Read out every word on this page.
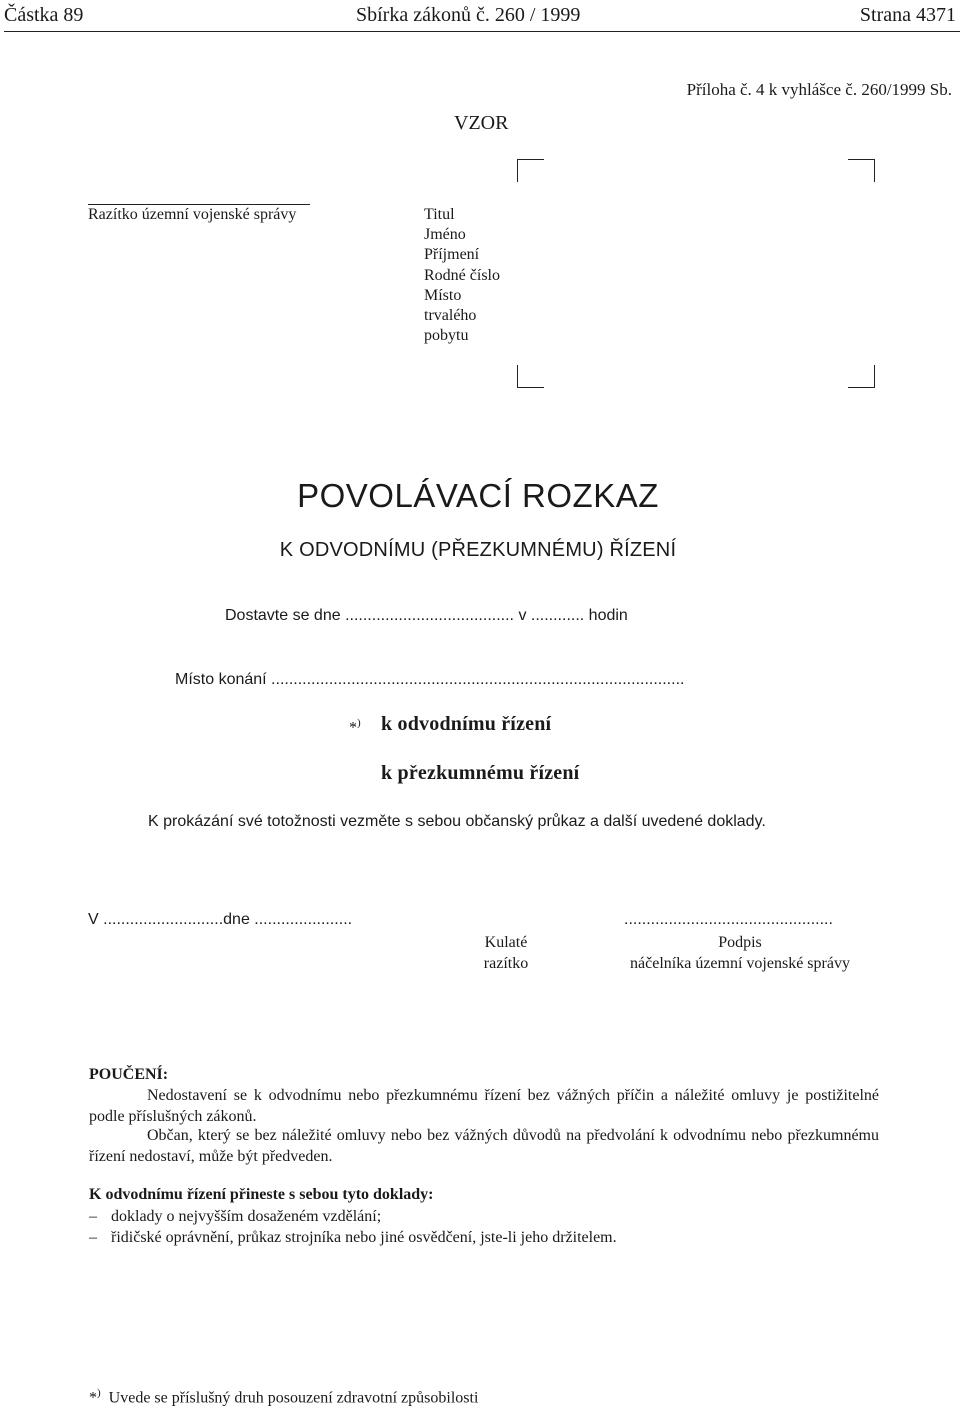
Částka 89	Sbírka zákonů č. 260 / 1999	Strana 4371
Příloha č. 4 k vyhlášce č. 260/1999 Sb.
VZOR
Razítko územní vojenské správy	Titul
Jméno
Příjmení
Rodné číslo
Místo
trvalého
pobytu
POVOLÁVACÍ ROZKAZ
K ODVODNÍMU (PŘEZKUMNÉMU) ŘÍZENÍ
Dostavte se dne ...................................... v ............ hodin
Místo konání .............................................................................................
*) k odvodnímu řízení
k přezkumnému řízení
K prokázání své totožnosti vezměte s sebou občanský průkaz a další uvedené doklady.
V ...........................dne ......................	...............................................
Kulaté
razítko
Podpis
náčelníka územní vojenské správy
POUČENÍ:
Nedostavení se k odvodnímu nebo přezkumnému řízení bez vážných příčin a náležité omluvy je postižitelné podle příslušných zákonů.
Občan, který se bez náležité omluvy nebo bez vážných důvodů na předvolání k odvodnímu nebo přezkumnému řízení nedostaví, může být předveden.
K odvodnímu řízení přineste s sebou tyto doklady:
– doklady o nejvyšším dosaženém vzdělání;
– řidičské oprávnění, průkaz strojníka nebo jiné osvědčení, jste-li jeho držitelem.
*) Uvede se příslušný druh posouzení zdravotní způsobilosti
